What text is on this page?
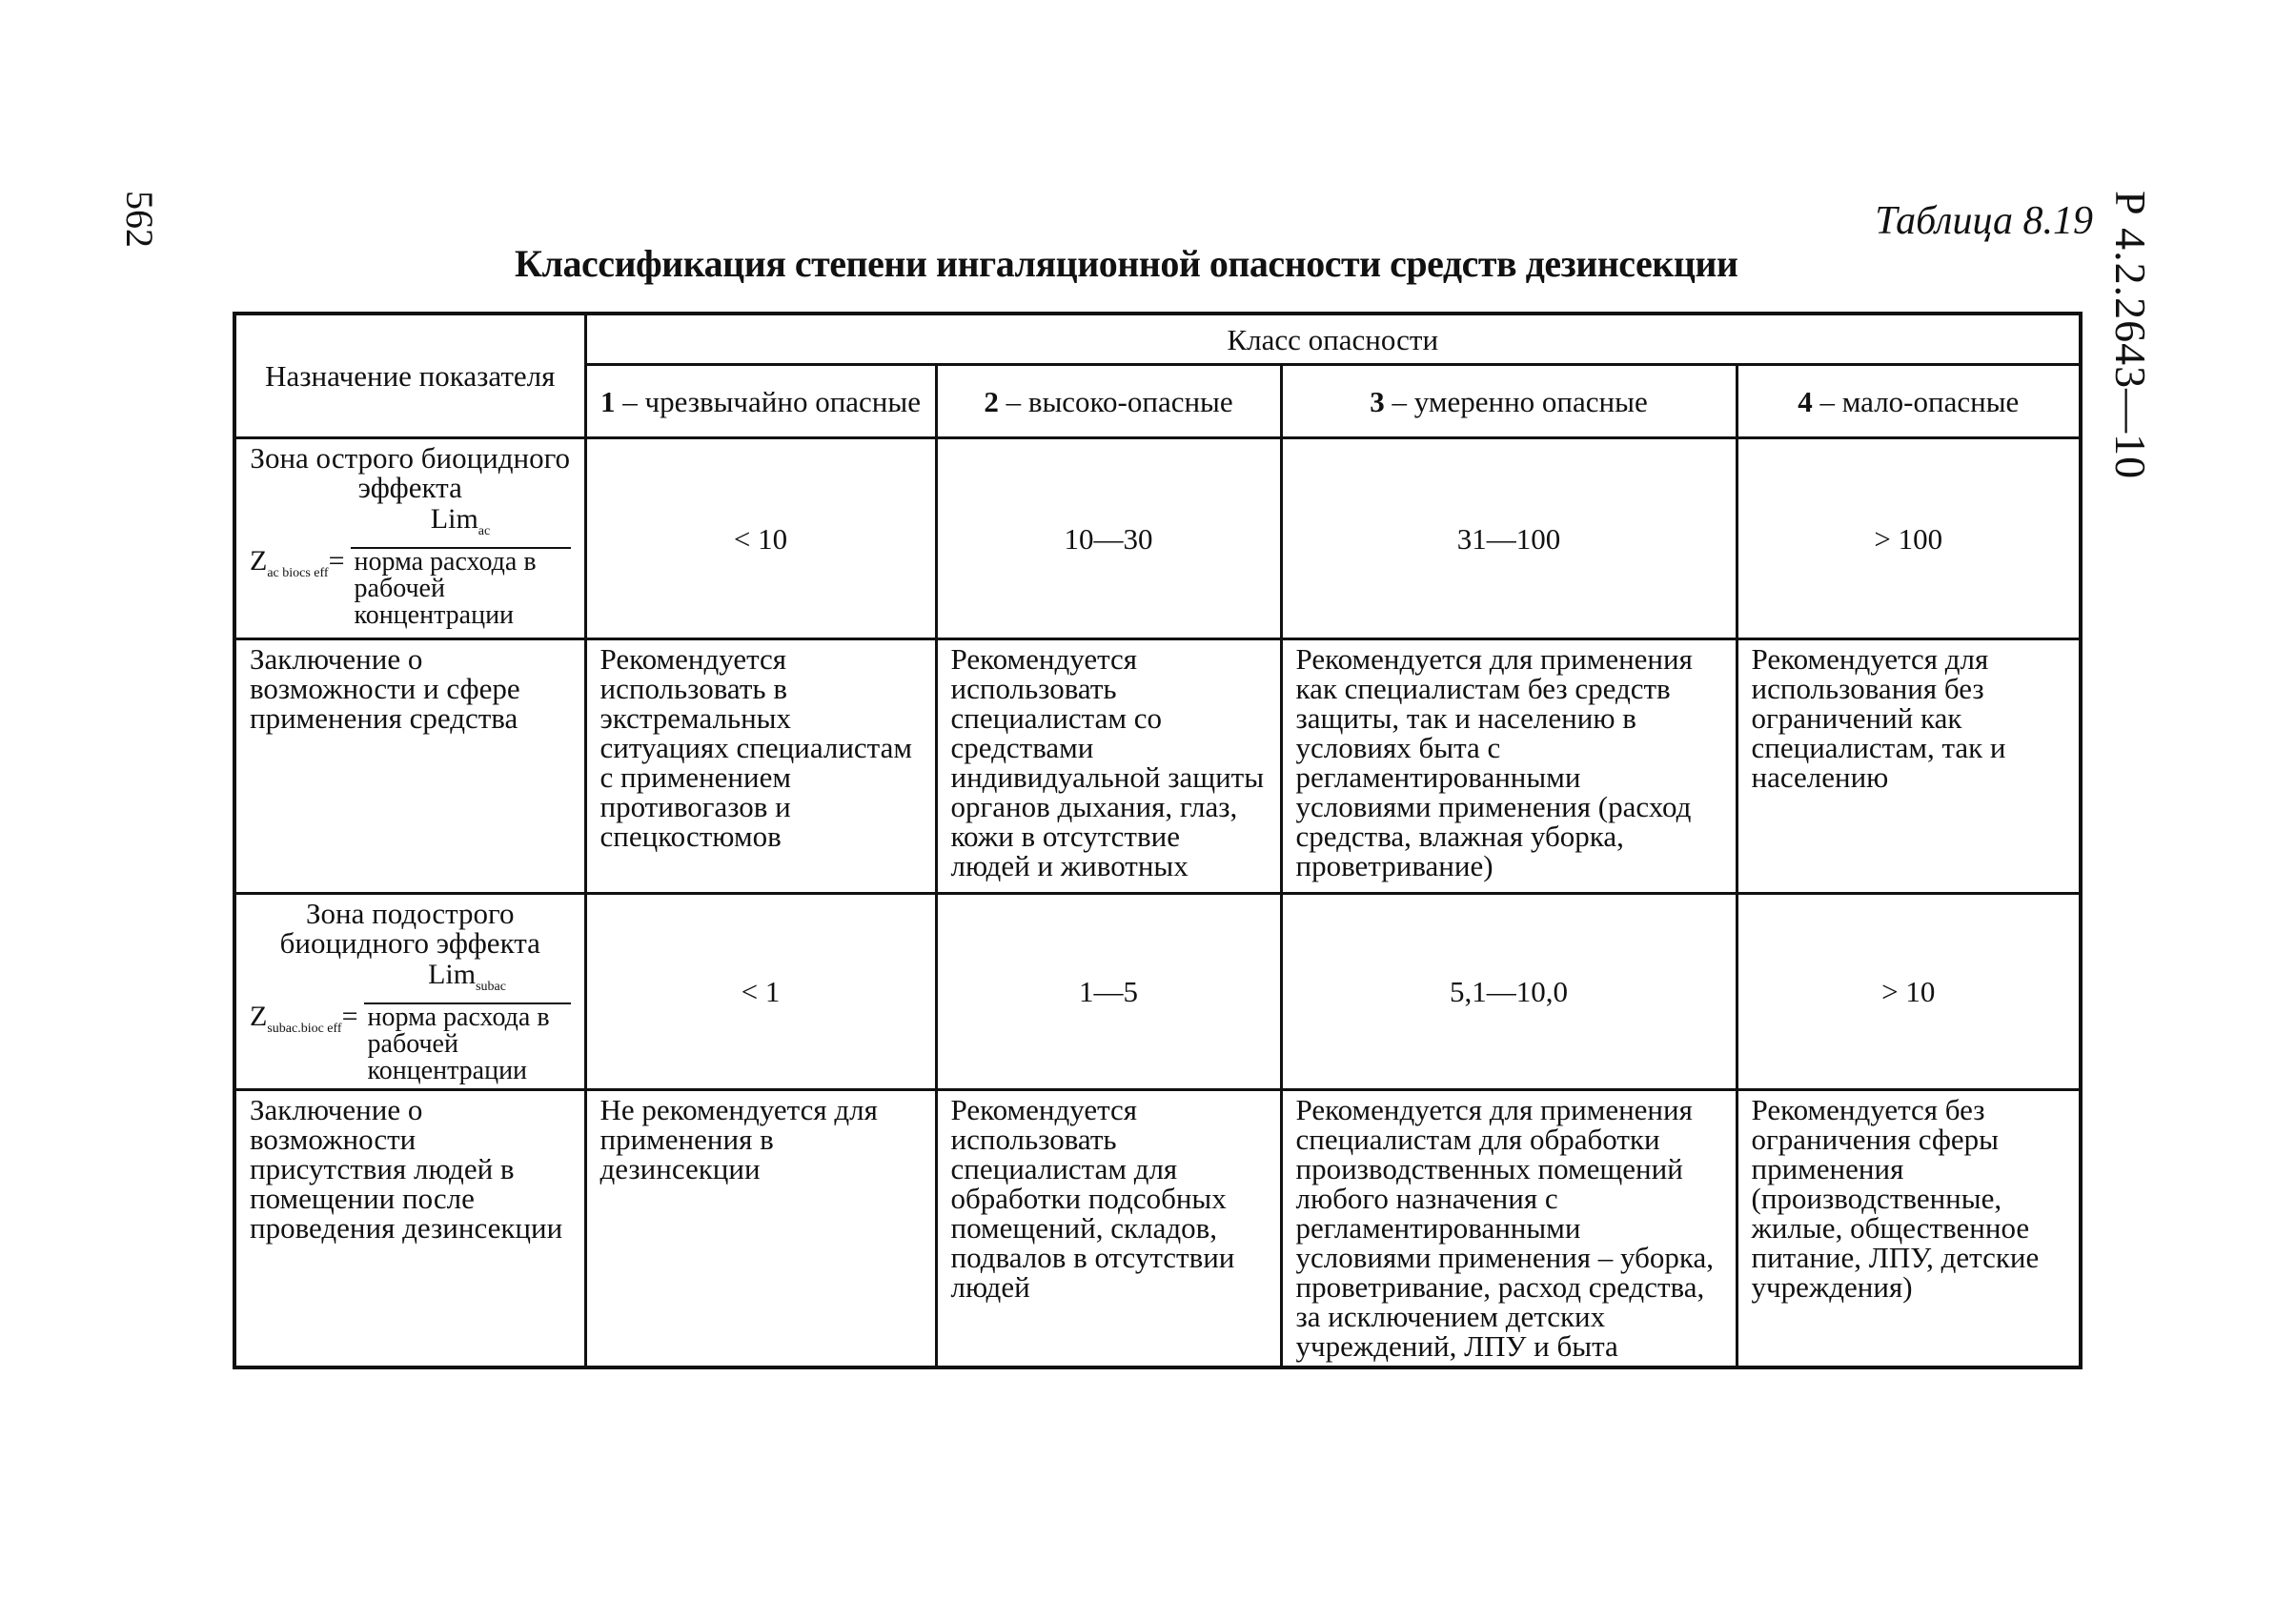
562	Р 4.2.2643—10
Таблица 8.19
Классификация степени ингаляционной опасности средств дезинсекции
Назначение показателя	Класс опасности			
	1 – чрезвычайно опасные	2 – высоко-опасные	3 – умеренно опасные	4 – мало-опасные

Зона острого биоцидного эффекта
$Z_{ac biocs eff}= \frac{Lim_{ac}}{\text{норма расхода в рабочей концентрации}}$	< 10	10—30	31—100	> 100
Заключение о возможности и сфере применения средства	Рекомендуется использовать в экстремальных ситуациях специалистам с применением противогазов и спецкостюмов	Рекомендуется использовать специалистам со средствами индивидуальной защиты органов дыхания, глаз, кожи в отсутствие людей и животных	Рекомендуется для применения как специалистам без средств защиты, так и населению в условиях быта с регламентированными условиями применения (расход средства, влажная уборка, проветривание)	Рекомендуется для использования без ограничений как специалистам, так и населению

Зона подострого биоцидного эффекта
$Z_{subac.bioc eff}= \frac{Lim_{subac}}{\text{норма расхода в рабочей концентрации}}$	< 1	1—5	5,1—10,0	> 10
Заключение о возможности присутствия людей в помещении после проведения дезинсекции	Не рекомендуется для применения в дезинсекции	Рекомендуется использовать специалистам для обработки подсобных помещений, складов, подвалов в отсутствии людей	Рекомендуется для применения специалистам для обработки производственных помещений любого назначения с регламентированными условиями применения – уборка, проветривание, расход средства, за исключением детских учреждений, ЛПУ и быта	Рекомендуется без ограничения сферы применения (производственные, жилые, общественное питание, ЛПУ, детские учреждения)
